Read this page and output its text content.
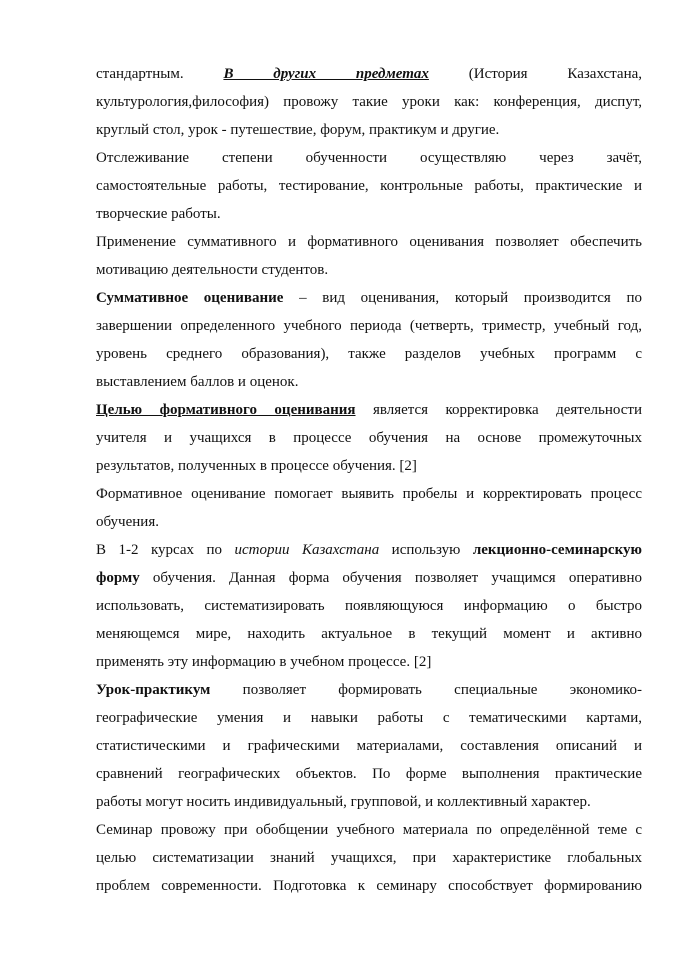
стандартным. В других предметах (История Казахстана,
культурология,философия) провожу такие уроки как: конференция, диспут,
круглый стол, урок - путешествие, форум, практикум и другие.
Отслеживание степени обученности осуществляю через зачёт,
самостоятельные работы, тестирование, контрольные работы, практические и
творческие работы.
Применение суммативного и формативного оценивания позволяет обеспечить
мотивацию деятельности студентов.
Суммативное оценивание – вид оценивания, который производится по
завершении определенного учебного периода (четверть, триместр, учебный год,
уровень среднего образования), также разделов учебных программ с
выставлением баллов и оценок.
Целью формативного оценивания является корректировка деятельности
учителя и учащихся в процессе обучения на основе промежуточных
результатов, полученных в процессе обучения. [2]
Формативное оценивание помогает выявить пробелы и корректировать процесс
обучения.
В 1-2 курсах по истории Казахстана использую лекционно-семинарскую
форму обучения. Данная форма обучения позволяет учащимся оперативно
использовать, систематизировать появляющуюся информацию о быстро
меняющемся мире, находить актуальное в текущий момент и активно
применять эту информацию в учебном процессе. [2]
Урок-практикум позволяет формировать специальные экономико-
географические умения и навыки работы с тематическими картами,
статистическими и графическими материалами, составления описаний и
сравнений географических объектов. По форме выполнения практические
работы могут носить индивидуальный, групповой, и коллективный характер.
Семинар провожу при обобщении учебного материала по определённой теме с
целью систематизации знаний учащихся, при характеристике глобальных
проблем современности. Подготовка к семинару способствует формированию
